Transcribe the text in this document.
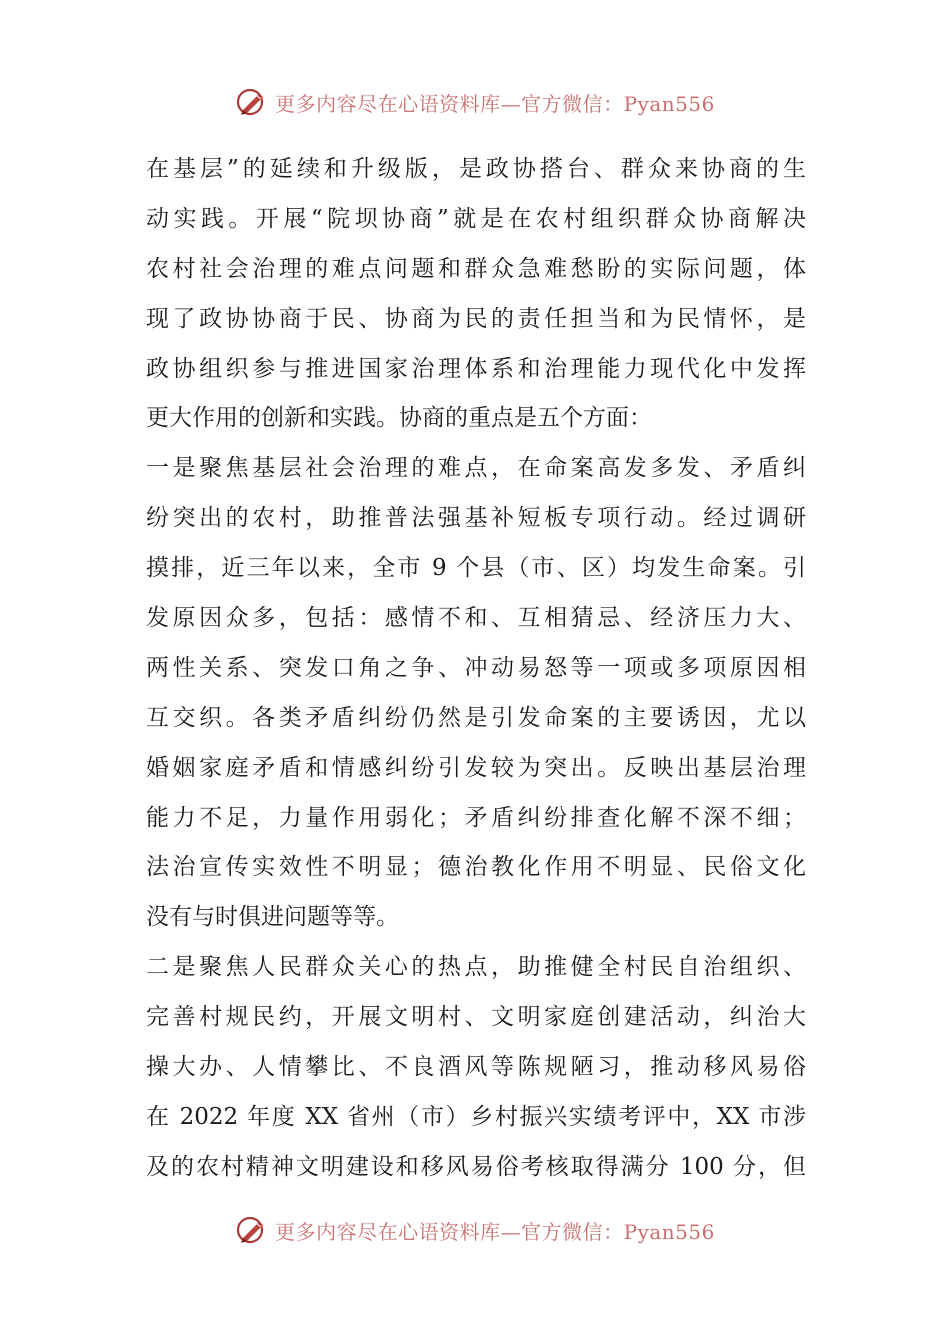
更多内容尽在心语资料库—官方微信：Pyan556
在基层”的延续和升级版，是政协搭台、群众来协商的生
动实践。开展“院坝协商”就是在农村组织群众协商解决
农村社会治理的难点问题和群众急难愁盼的实际问题，体
现了政协协商于民、协商为民的责任担当和为民情怀，是
政协组织参与推进国家治理体系和治理能力现代化中发挥
更大作用的创新和实践。协商的重点是五个方面：
一是聚焦基层社会治理的难点，在命案高发多发、矛盾纠
纷突出的农村，助推普法强基补短板专项行动。经过调研
摸排，近三年以来，全市 9 个县（市、区）均发生命案。引
发原因众多，包括：感情不和、互相猜忌、经济压力大、
两性关系、突发口角之争、冲动易怒等一项或多项原因相
互交织。各类矛盾纠纷仍然是引发命案的主要诱因，尤以
婚姻家庭矛盾和情感纠纷引发较为突出。反映出基层治理
能力不足，力量作用弱化；矛盾纠纷排查化解不深不细；
法治宣传实效性不明显；德治教化作用不明显、民俗文化
没有与时俱进问题等等。
二是聚焦人民群众关心的热点，助推健全村民自治组织、
完善村规民约，开展文明村、文明家庭创建活动，纠治大
操大办、人情攀比、不良酒风等陈规陋习，推动移风易俗
在 2022 年度 XX 省州（市）乡村振兴实绩考评中，XX 市涉
及的农村精神文明建设和移风易俗考核取得满分 100 分，但
更多内容尽在心语资料库—官方微信：Pyan556
